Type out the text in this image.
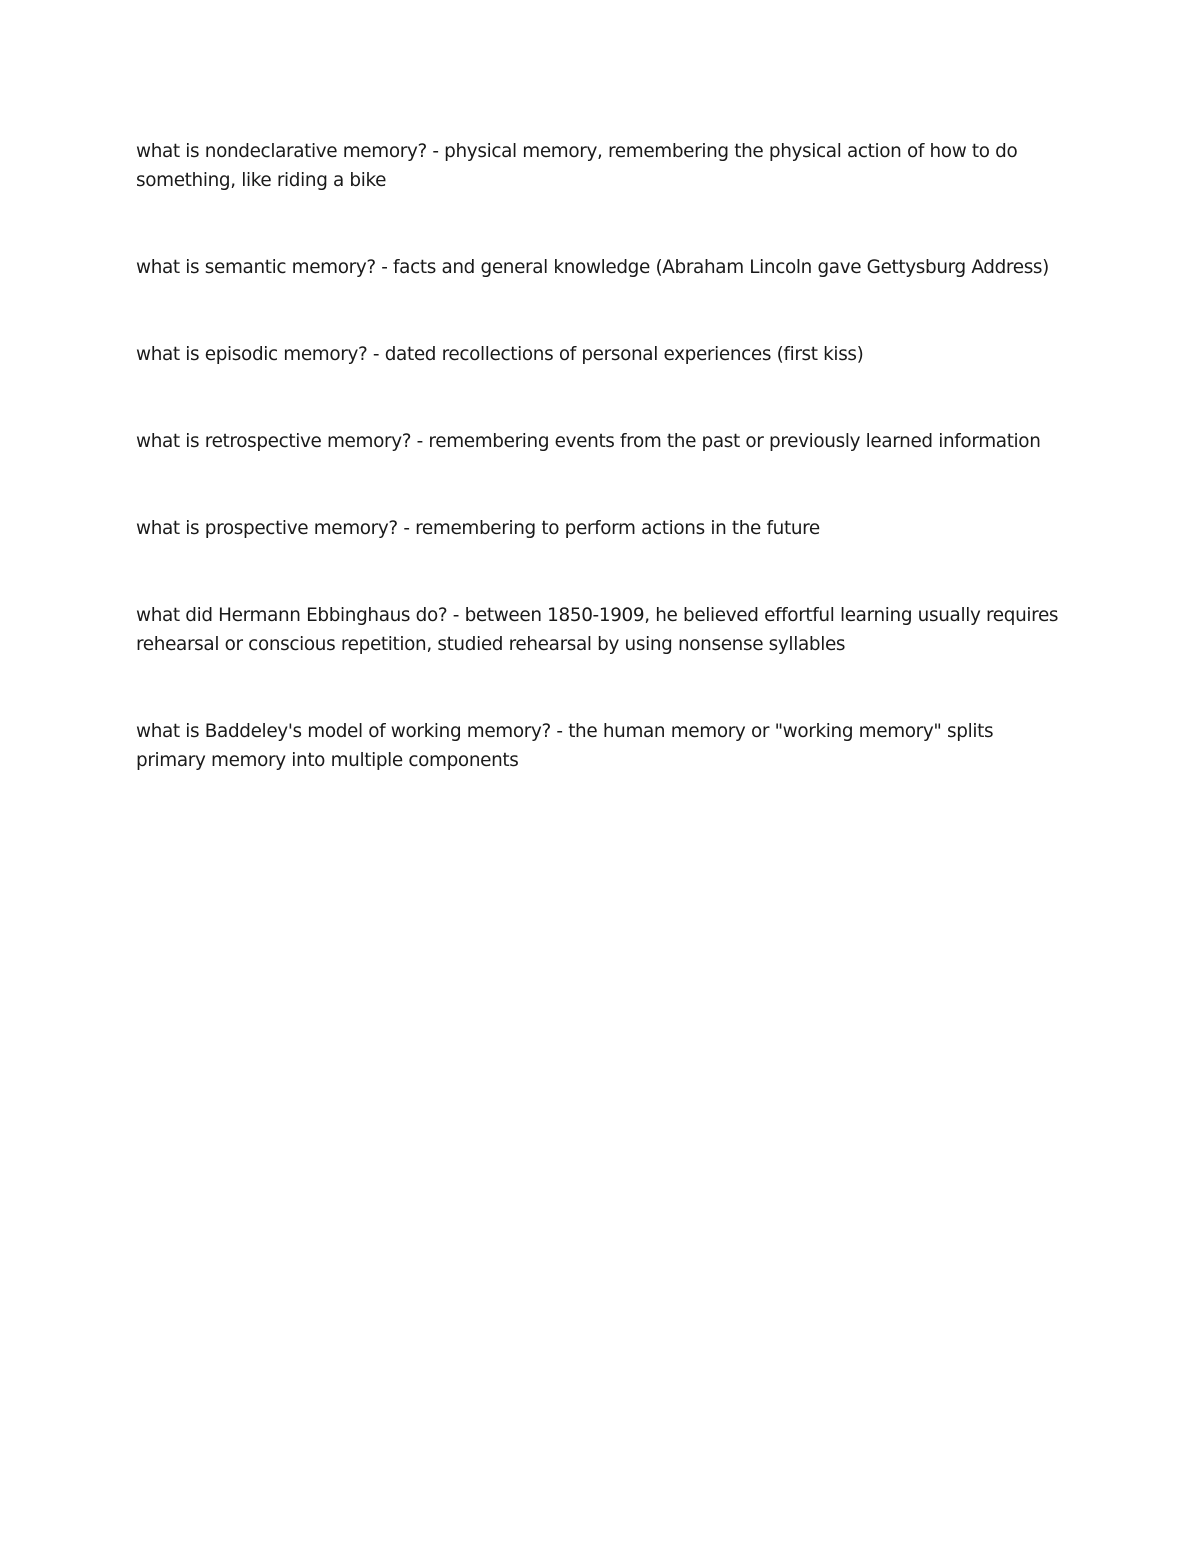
what is nondeclarative memory? - physical memory, remembering the physical action of how to do something, like riding a bike
what is semantic memory? - facts and general knowledge (Abraham Lincoln gave Gettysburg Address)
what is episodic memory? - dated recollections of personal experiences (first kiss)
what is retrospective memory? - remembering events from the past or previously learned information
what is prospective memory? - remembering to perform actions in the future
what did Hermann Ebbinghaus do? - between 1850-1909, he believed effortful learning usually requires rehearsal or conscious repetition, studied rehearsal by using nonsense syllables
what is Baddeley's model of working memory? - the human memory or "working memory" splits primary memory into multiple components
